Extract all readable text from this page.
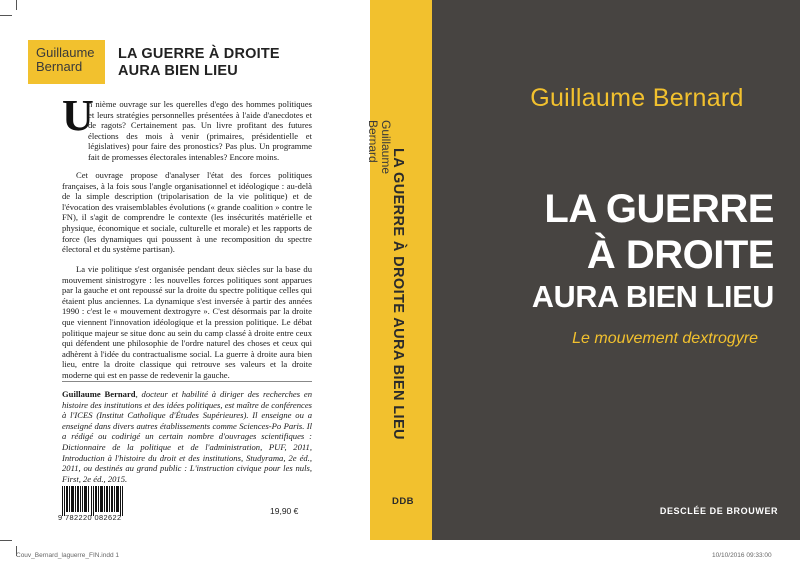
Guillaume
Bernard
LA GUERRE À DROITE
AURA BIEN LIEU
U

n nième ouvrage sur les querelles d'ego des hommes politiques et leurs stratégies personnelles présentées à l'aide d'anecdotes et de ragots? Certainement pas. Un livre profitant des futures élections des mois à venir (primaires, présidentielle et législatives) pour faire des pronostics? Pas plus. Un programme fait de promesses électorales intenables? Encore moins.

Cet ouvrage propose d'analyser l'état des forces politiques françaises, à la fois sous l'angle organisationnel et idéologique : au-delà de la simple description (tripolarisation de la vie politique) et de l'évocation des vraisemblables évolutions (« grande coalition » contre le FN), il s'agit de comprendre le contexte (les insécurités matérielle et physique, économique et sociale, culturelle et morale) et les rapports de force (les dynamiques qui poussent à une recomposition du spectre électoral et du système partisan).

La vie politique s'est organisée pendant deux siècles sur la base du mouvement sinistrogyre : les nouvelles forces politiques sont apparues par la gauche et ont repoussé sur la droite du spectre politique celles qui étaient plus anciennes. La dynamique s'est inversée à partir des années 1990 : c'est le « mouvement dextrogyre ». C'est désormais par la droite que viennent l'innovation idéologique et la pression politique. Le débat politique majeur se situe donc au sein du camp classé à droite entre ceux qui défendent une philosophie de l'ordre naturel des choses et ceux qui adhèrent à l'idée du contractualisme social. La guerre à droite aura bien lieu, entre la droite classique qui retrouve ses valeurs et la droite moderne qui est en passe de redevenir la gauche.

Guillaume Bernard, docteur et habilité à diriger des recherches en histoire des institutions et des idées politiques, est maître de conférences à l'ICES (Institut Catholique d'Études Supérieures). Il enseigne ou a enseigné dans divers autres établissements comme Sciences-Po Paris. Il a rédigé ou codirigé un certain nombre d'ouvrages scientifiques : Dictionnaire de la politique et de l'administration, PUF, 2011, Introduction à l'histoire du droit et des institutions, Studyrama, 2e éd., 2011, ou destinés au grand public : L'instruction civique pour les nuls, First, 2e éd., 2015.

9 782220 082622
19,90 €
Guillaume
Bernard
LA GUERRE À DROITE AURA BIEN LIEU
DDB
Guillaume Bernard
LA GUERRE
À DROITE
AURA BIEN LIEU
Le mouvement dextrogyre
DESCLÉE DE BROUWER
Couv_Bernard_laguerre_FIN.indd 1	10/10/2016 09:33:00
